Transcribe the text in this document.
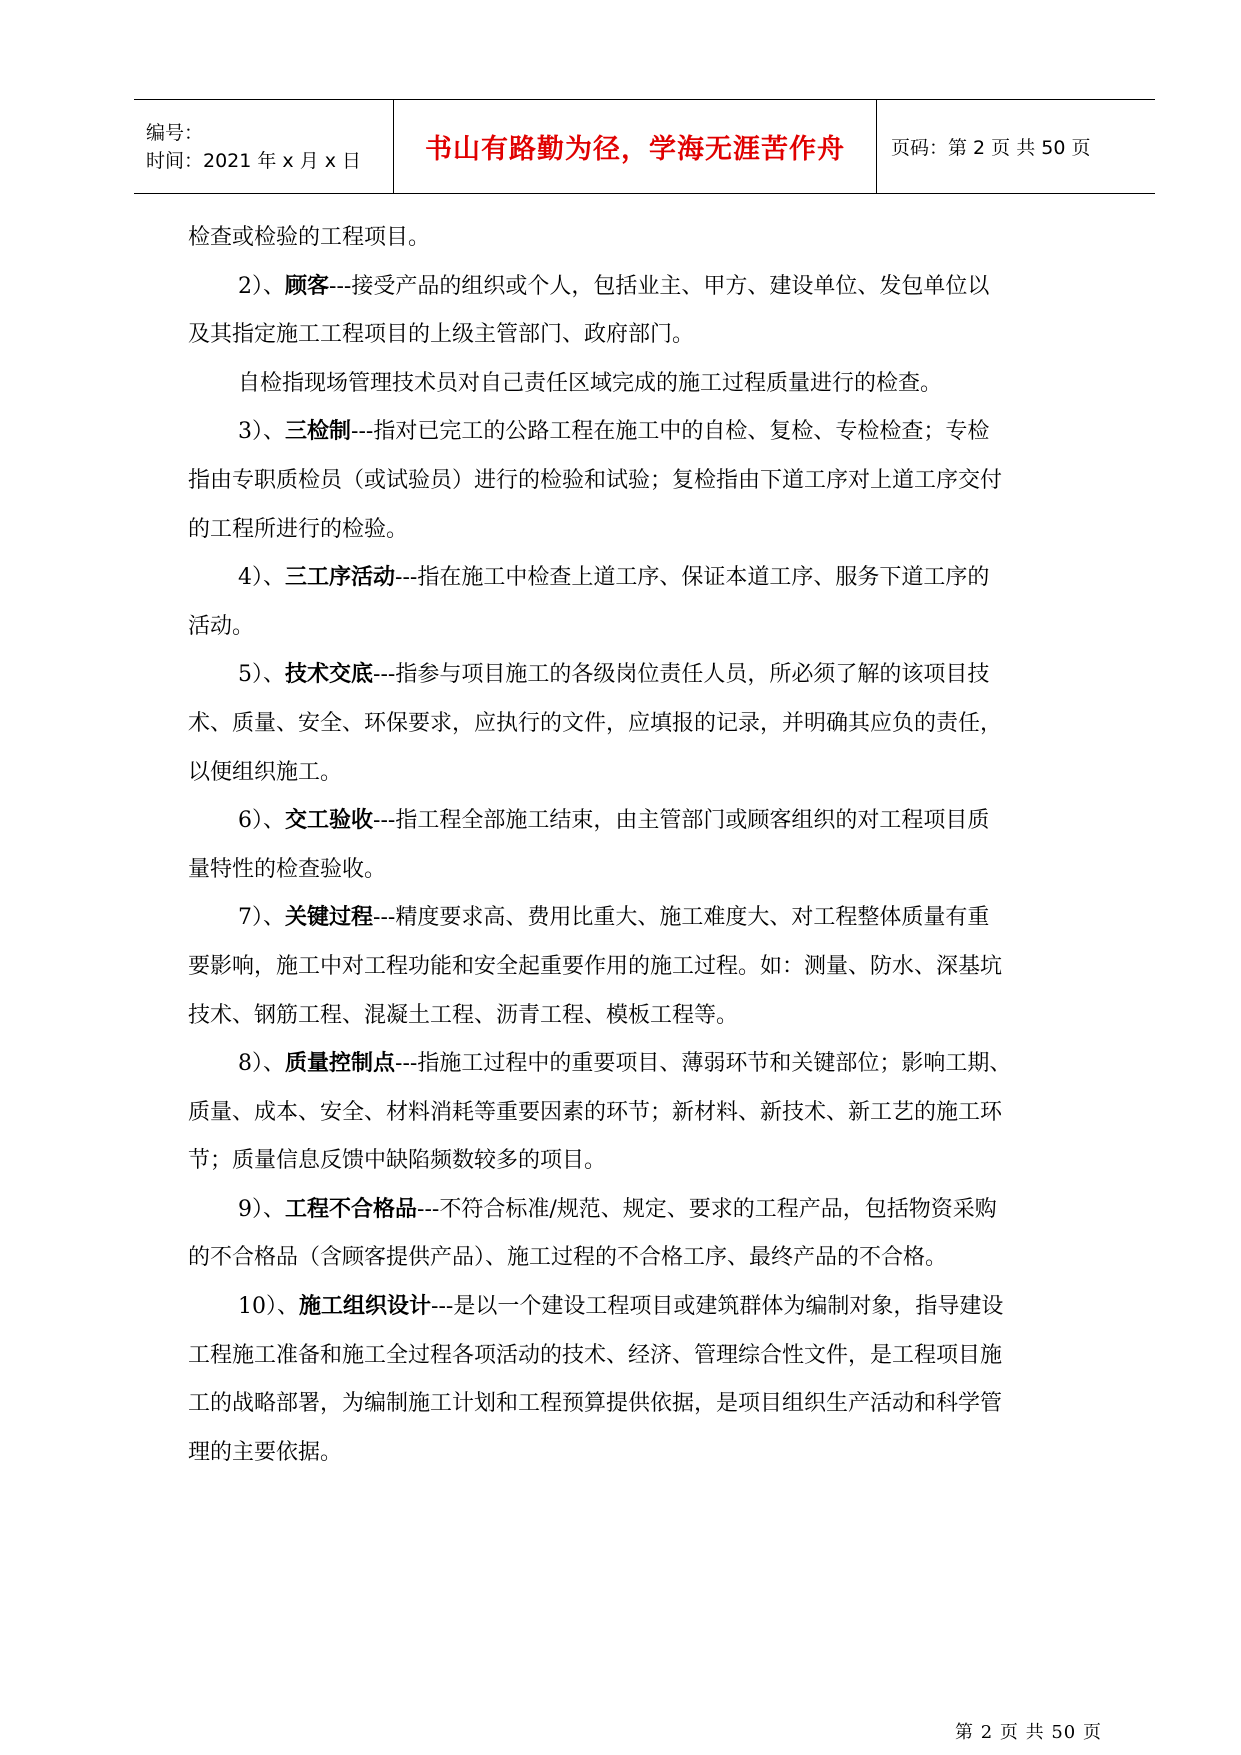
编号：
时间：2021 年 x 月 x 日	书山有路勤为径，学海无涯苦作舟 页码：第 2 页 共 50 页

检查或检验的工程项目。

2）、顾客---接受产品的组织或个人，包括业主、甲方、建设单位、发包单位以

及其指定施工工程项目的上级主管部门、政府部门。

自检指现场管理技术员对自己责任区域完成的施工过程质量进行的检查。

3）、三检制---指对已完工的公路工程在施工中的自检、复检、专检检查；专检

指由专职质检员（或试验员）进行的检验和试验；复检指由下道工序对上道工序交付

的工程所进行的检验。

4）、三工序活动---指在施工中检查上道工序、保证本道工序、服务下道工序的

活动。

5）、技术交底---指参与项目施工的各级岗位责任人员，所必须了解的该项目技

术、质量、安全、环保要求，应执行的文件，应填报的记录，并明确其应负的责任，

以便组织施工。

6）、交工验收---指工程全部施工结束，由主管部门或顾客组织的对工程项目质

量特性的检查验收。

7）、关键过程---精度要求高、费用比重大、施工难度大、对工程整体质量有重

要影响，施工中对工程功能和安全起重要作用的施工过程。如：测量、防水、深基坑

技术、钢筋工程、混凝土工程、沥青工程、模板工程等。

8）、质量控制点---指施工过程中的重要项目、薄弱环节和关键部位；影响工期、

质量、成本、安全、材料消耗等重要因素的环节；新材料、新技术、新工艺的施工环

节；质量信息反馈中缺陷频数较多的项目。

9）、工程不合格品---不符合标准/规范、规定、要求的工程产品，包括物资采购

的不合格品（含顾客提供产品）、施工过程的不合格工序、最终产品的不合格。

10）、施工组织设计---是以一个建设工程项目或建筑群体为编制对象，指导建设

工程施工准备和施工全过程各项活动的技术、经济、管理综合性文件，是工程项目施

工的战略部署，为编制施工计划和工程预算提供依据，是项目组织生产活动和科学管

理的主要依据。

第 2 页 共 50 页
